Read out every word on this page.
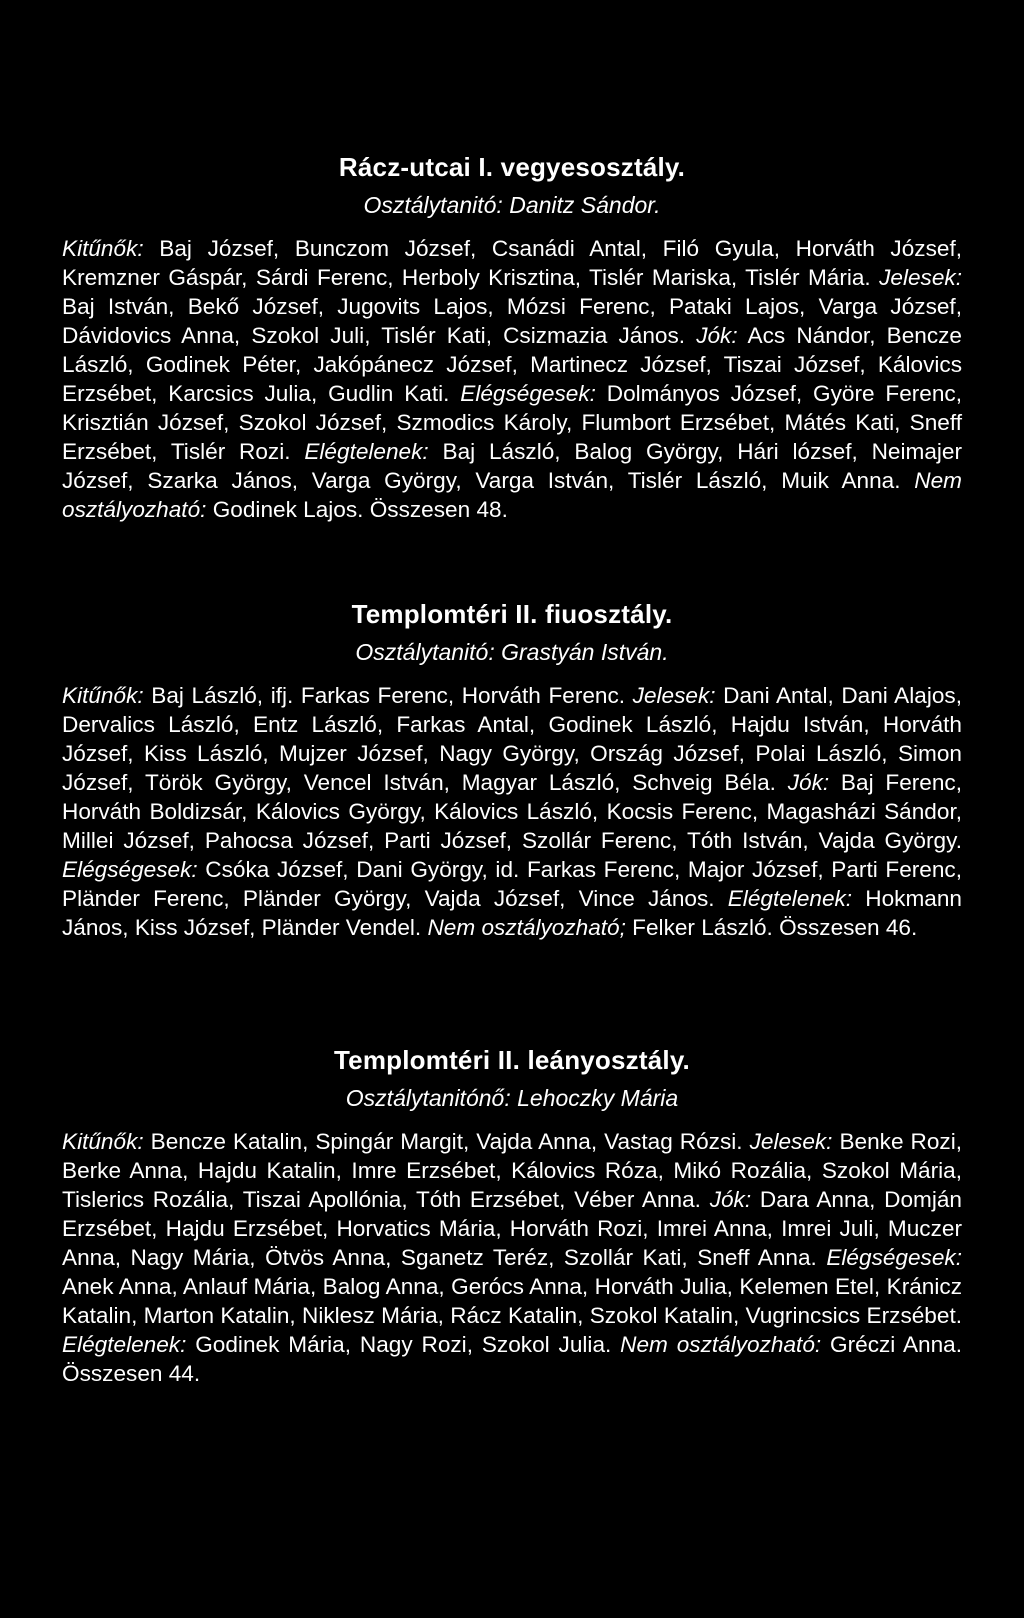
Rácz-utcai I. vegyesosztály.
Osztálytanitó: Danitz Sándor.

Kitűnők: Baj József, Bunczom József, Csanádi Antal, Filó Gyula, Horváth József, Kremzner Gáspár, Sárdi Ferenc, Herboly Krisztina, Tislér Mariska, Tislér Mária. Jelesek: Baj István, Bekő József, Jugovits Lajos, Mózsi Ferenc, Pataki Lajos, Varga József, Dávidovics Anna, Szokol Juli, Tislér Kati, Csizmazia János. Jók: Acs Nándor, Bencze László, Godinek Péter, Jakópánecz József, Martinecz József, Tiszai József, Kálovics Erzsébet, Karcsics Julia, Gudlin Kati. Elégségesek: Dolmányos József, Györe Ferenc, Krisztián József, Szokol József, Szmodics Károly, Flumbort Erzsébet, Mátés Kati, Sneff Erzsébet, Tislér Rozi. Elégtelenek: Baj László, Balog György, Hári lózsef, Neimajer József, Szarka János, Varga György, Varga István, Tislér László, Muik Anna. Nem osztályozható: Godinek Lajos. Összesen 48.

Templomtéri II. fiuosztály.
Osztálytanitó: Grastyán István.

Kitűnők: Baj László, ifj. Farkas Ferenc, Horváth Ferenc. Jelesek: Dani Antal, Dani Alajos, Dervalics László, Entz László, Farkas Antal, Godinek László, Hajdu István, Horváth József, Kiss László, Mujzer József, Nagy György, Ország József, Polai László, Simon József, Török György, Vencel István, Magyar László, Schveig Béla. Jók: Baj Ferenc, Horváth Boldizsár, Kálovics György, Kálovics László, Kocsis Ferenc, Magasházi Sándor, Millei József, Pahocsa József, Parti József, Szollár Ferenc, Tóth István, Vajda György. Elégségesek: Csóka József, Dani György, id. Farkas Ferenc, Major József, Parti Ferenc, Pländer Ferenc, Pländer György, Vajda József, Vince János. Elégtelenek: Hokmann János, Kiss József, Pländer Vendel. Nem osztályozható; Felker László. Összesen 46.

Templomtéri II. leányosztály.
Osztálytanitónő: Lehoczky Mária

Kitűnők: Bencze Katalin, Spingár Margit, Vajda Anna, Vastag Rózsi. Jelesek: Benke Rozi, Berke Anna, Hajdu Katalin, Imre Erzsébet, Kálovics Róza, Mikó Rozália, Szokol Mária, Tislerics Rozália, Tiszai Apollónia, Tóth Erzsébet, Véber Anna. Jók: Dara Anna, Domján Erzsébet, Hajdu Erzsébet, Horvatics Mária, Horváth Rozi, Imrei Anna, Imrei Juli, Muczer Anna, Nagy Mária, Ötvös Anna, Sganetz Teréz, Szollár Kati, Sneff Anna. Elégségesek: Anek Anna, Anlauf Mária, Balog Anna, Gerócs Anna, Horváth Julia, Kelemen Etel, Kránicz Katalin, Marton Katalin, Niklesz Mária, Rácz Katalin, Szokol Katalin, Vugrincsics Erzsébet. Elégtelenek: Godinek Mária, Nagy Rozi, Szokol Julia. Nem osztályozható: Gréczi Anna. Összesen 44.
